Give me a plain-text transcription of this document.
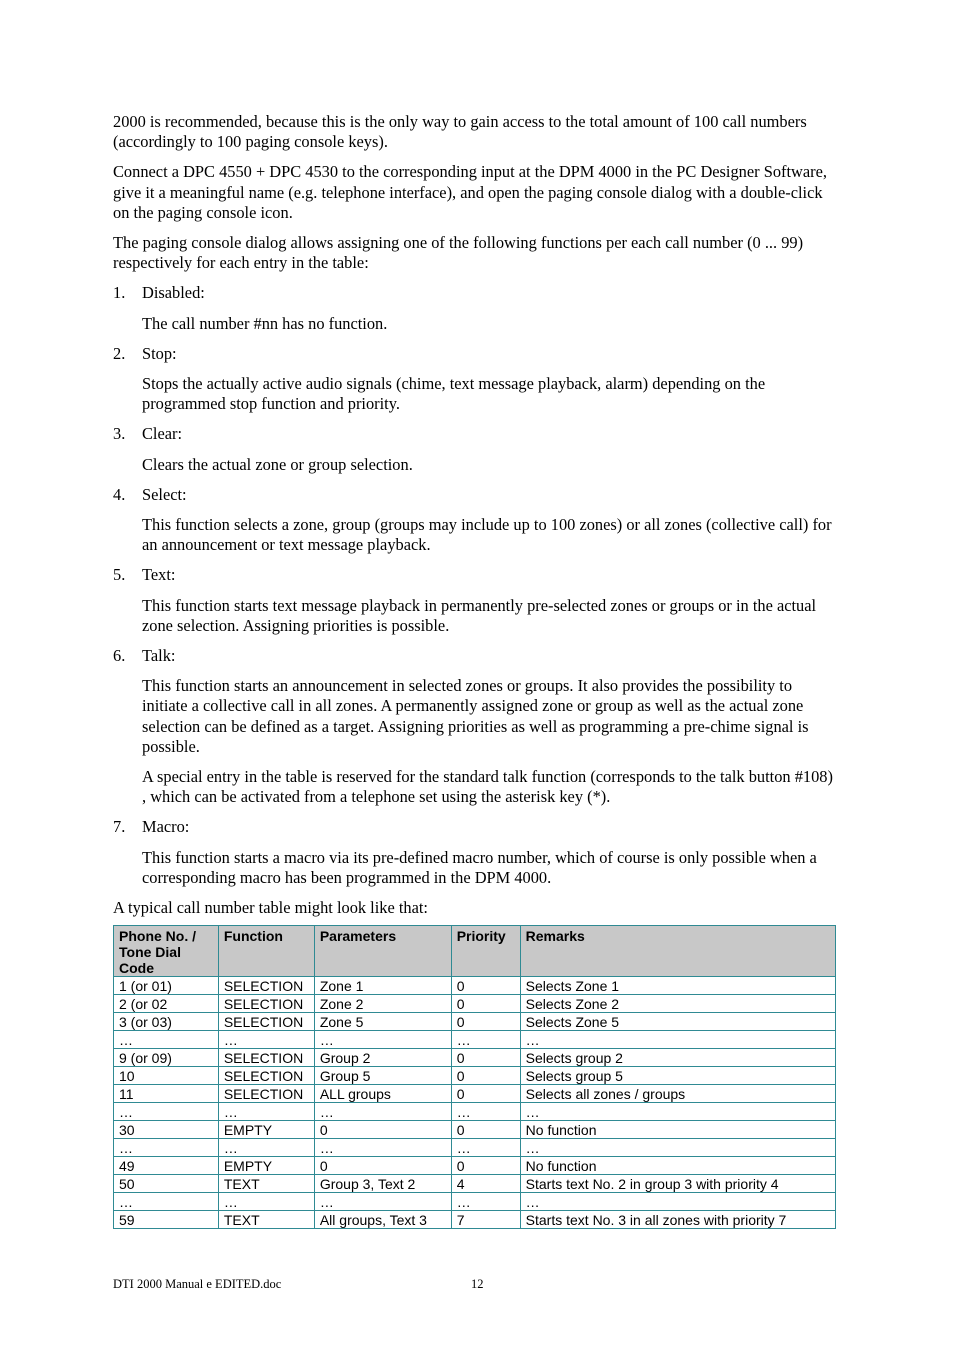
2000 is recommended, because this is the only way to gain access to the total amount of 100 call numbers (accordingly to 100 paging console keys).

Connect a DPC 4550 + DPC 4530 to the corresponding input at the DPM 4000 in the PC Designer Software, give it a meaningful name (e.g. telephone interface), and open the paging console dialog with a double-click on the paging console icon.

The paging console dialog allows assigning one of the following functions per each call number (0 ... 99) respectively for each entry in the table:

1. Disabled:

The call number #nn has no function.

2. Stop:

Stops the actually active audio signals (chime, text message playback, alarm) depending on the programmed stop function and priority.

3. Clear:

Clears the actual zone or group selection.

4. Select:

This function selects a zone, group (groups may include up to 100 zones) or all zones (collective call) for an announcement or text message playback.

5. Text:

This function starts text message playback in permanently pre-selected zones or groups or in the actual zone selection. Assigning priorities is possible.

6. Talk:

This function starts an announcement in selected zones or groups. It also provides the possibility to initiate a collective call in all zones. A permanently assigned zone or group as well as the actual zone selection can be defined as a target. Assigning priorities as well as programming a pre-chime signal is possible.

A special entry in the table is reserved for the standard talk function (corresponds to the talk button #108) , which can be activated from a telephone set using the asterisk key (*).

7. Macro:

This function starts a macro via its pre-defined macro number, which of course is only possible when a corresponding macro has been programmed in the DPM 4000.

A typical call number table might look like that:

Phone No. / Tone Dial Code	Function	Parameters	Priority	Remarks
1 (or 01)	SELECTION	Zone 1	0	Selects Zone 1
2 (or 02	SELECTION	Zone 2	0	Selects Zone 2
3 (or 03)	SELECTION	Zone 5	0	Selects Zone 5
…	…	…	…	…
9 (or 09)	SELECTION	Group 2	0	Selects group 2
10	SELECTION	Group 5	0	Selects group 5
11	SELECTION	ALL groups	0	Selects all zones / groups
…	…	…	…	…
30	EMPTY	0	0	No function
…	…	…	…	…
49	EMPTY	0	0	No function
50	TEXT	Group 3, Text 2	4	Starts text No. 2 in group 3 with priority 4
…	…	…	…	…
59	TEXT	All groups, Text 3	7	Starts text No. 3 in all zones with priority 7
DTI 2000 Manual e EDITED.doc	12
